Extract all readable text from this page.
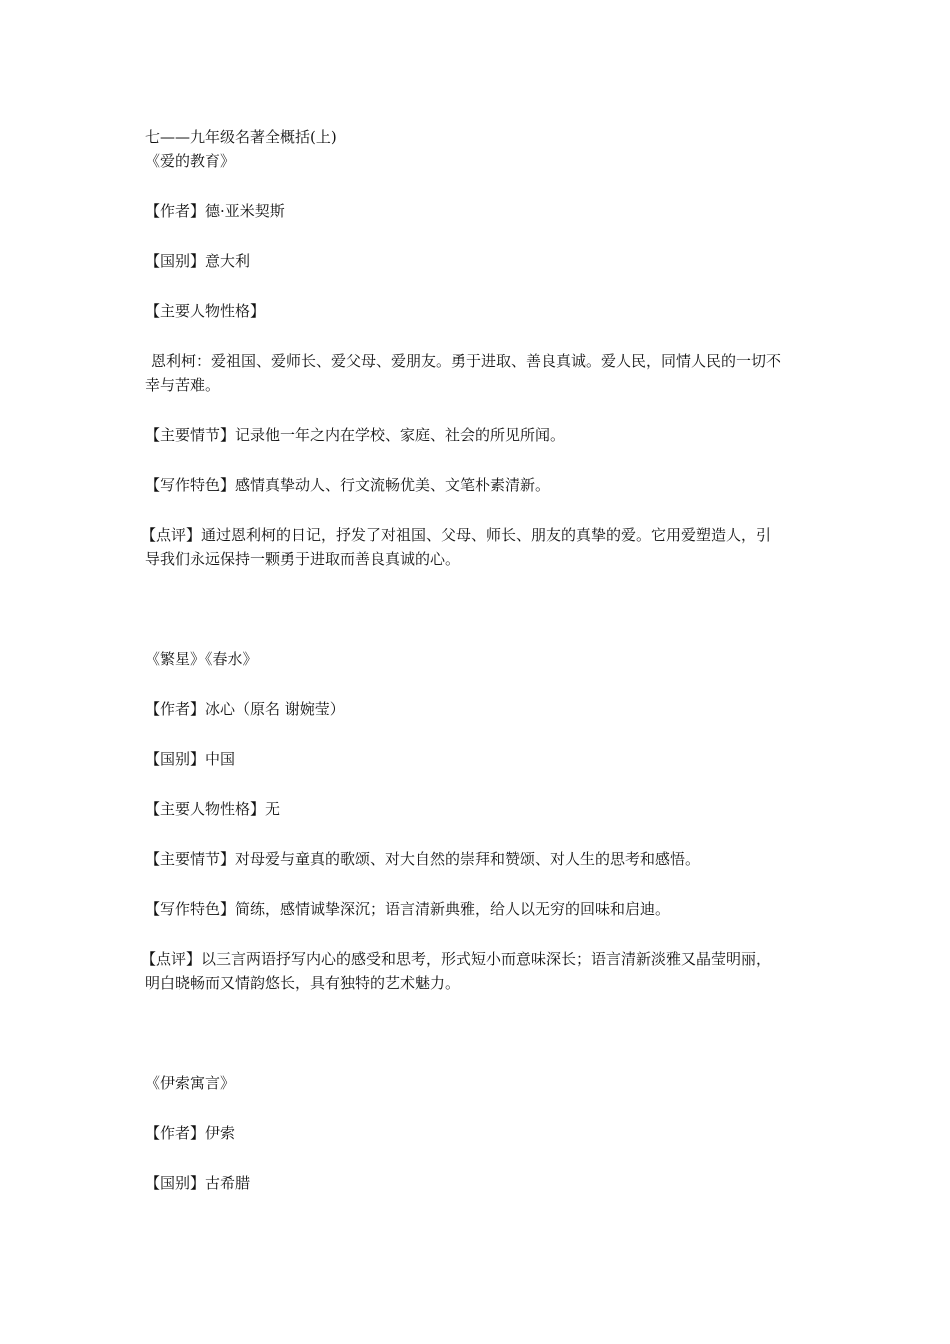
七——九年级名著全概括(上)

《爱的教育》

【作者】德·亚米契斯

【国别】意大利

【主要人物性格】

恩利柯：爱祖国、爱师长、爱父母、爱朋友。勇于进取、善良真诚。爱人民，同情人民的一切不

幸与苦难。

【主要情节】记录他一年之内在学校、家庭、社会的所见所闻。

【写作特色】感情真挚动人、行文流畅优美、文笔朴素清新。

【点评】通过恩利柯的日记，抒发了对祖国、父母、师长、朋友的真挚的爱。它用爱塑造人，引

导我们永远保持一颗勇于进取而善良真诚的心。

《繁星》《春水》

【作者】冰心（原名 谢婉莹）

【国别】中国

【主要人物性格】无

【主要情节】对母爱与童真的歌颂、对大自然的崇拜和赞颂、对人生的思考和感悟。

【写作特色】简练，感情诚挚深沉；语言清新典雅，给人以无穷的回味和启迪。

【点评】以三言两语抒写内心的感受和思考，形式短小而意味深长；语言清新淡雅又晶莹明丽，

明白晓畅而又情韵悠长，具有独特的艺术魅力。

《伊索寓言》

【作者】伊索

【国别】古希腊
